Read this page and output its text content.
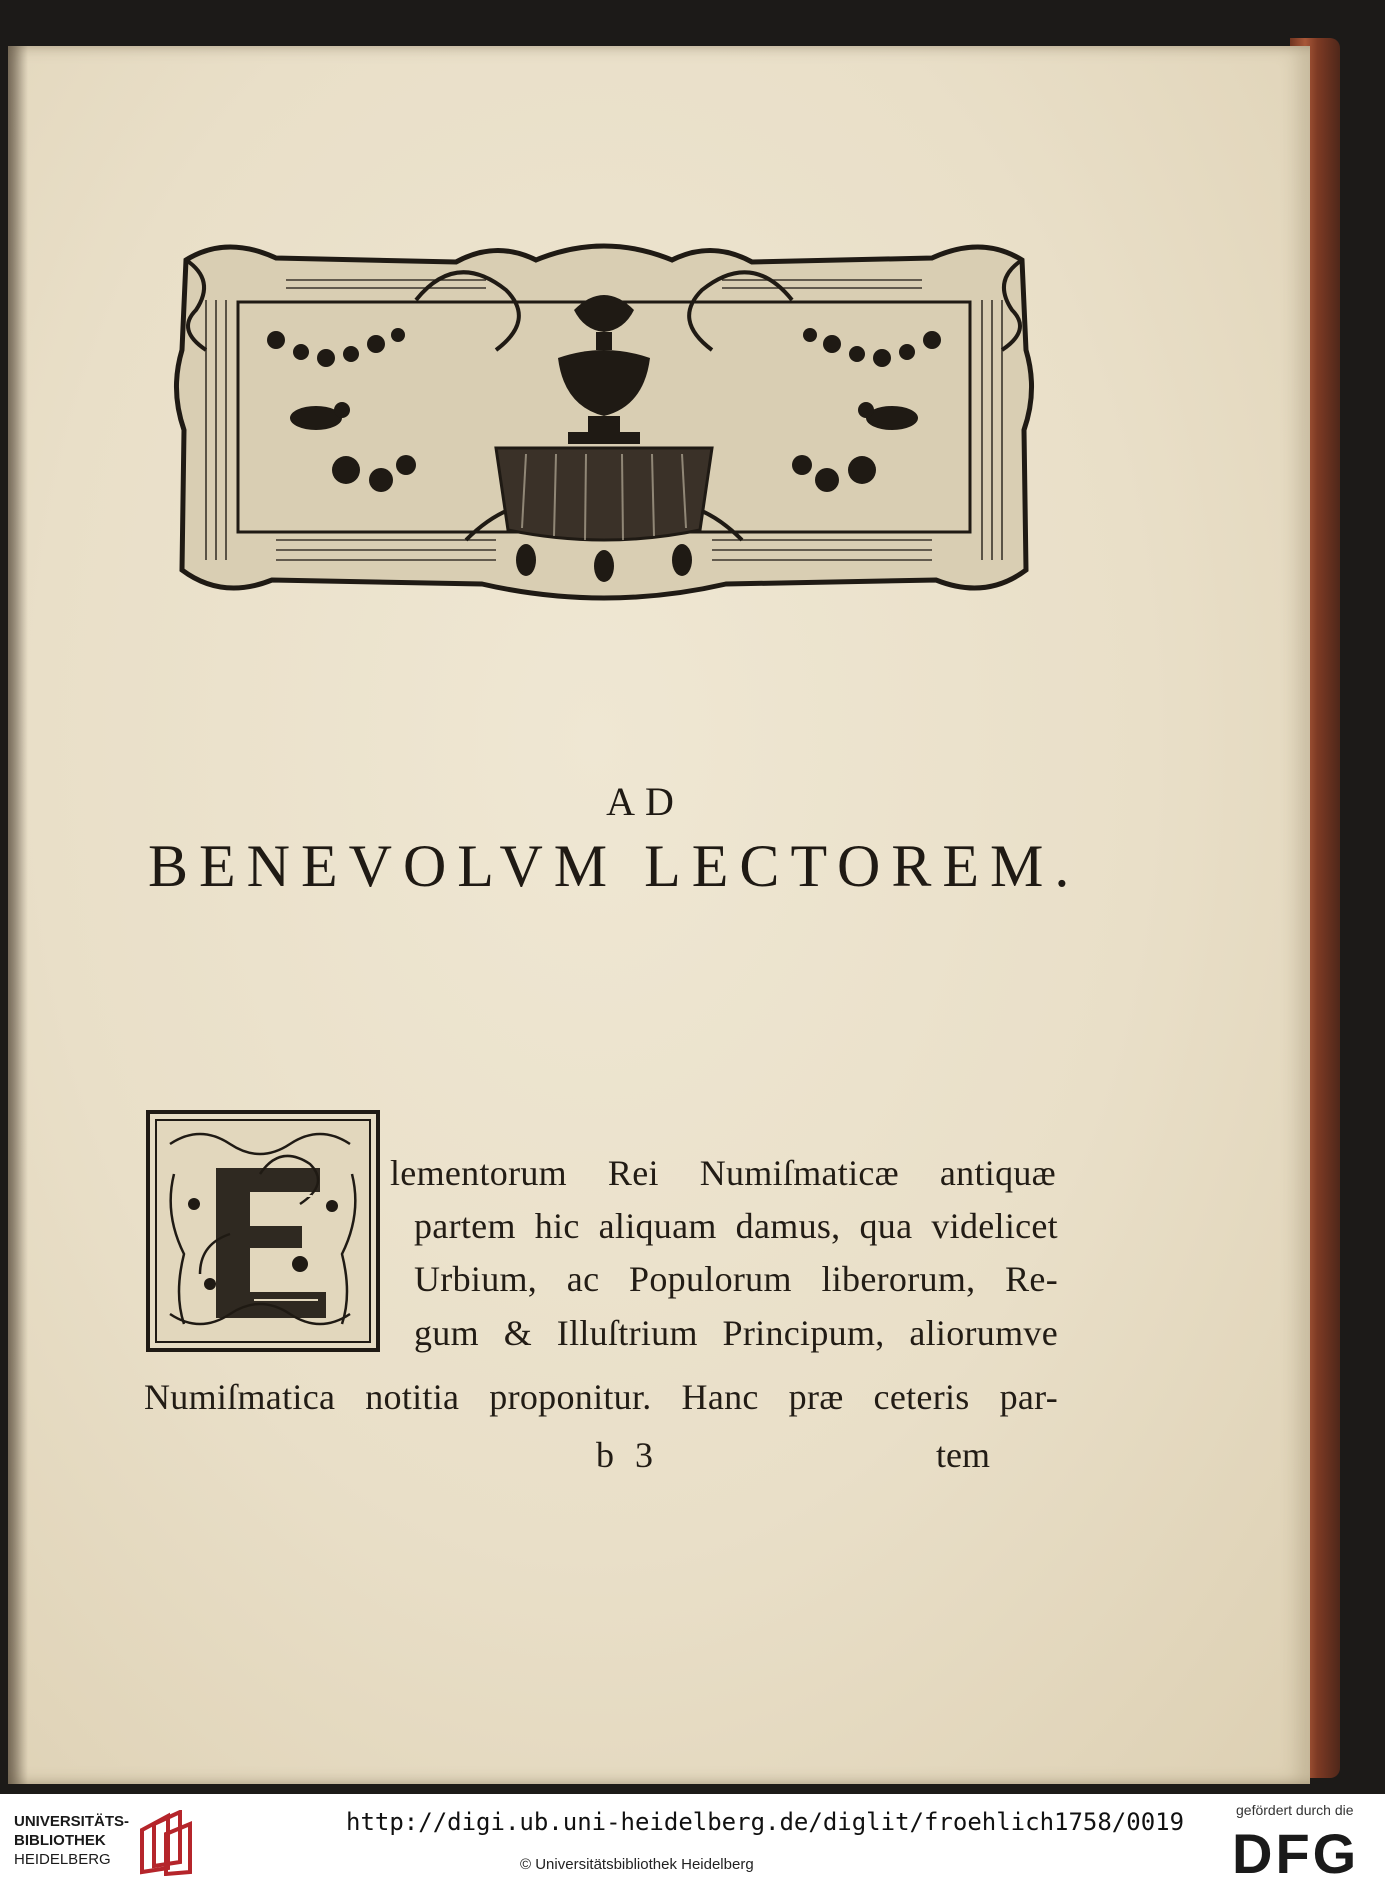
AD
BENEVOLVM LECTOREM.
lementorum Rei Numiſmaticæ antiquæ
partem hic aliquam damus, qua videlicet
Urbium, ac Populorum liberorum, Re-
gum & Illuſtrium Principum, aliorumve
Numiſmatica notitia proponitur. Hanc præ ceteris par-
b 3	tem
UNIVERSITÄTS-
BIBLIOTHEK
HEIDELBERG
http://digi.ub.uni-heidelberg.de/diglit/froehlich1758/0019
© Universitätsbibliothek Heidelberg
gefördert durch die
DFG
